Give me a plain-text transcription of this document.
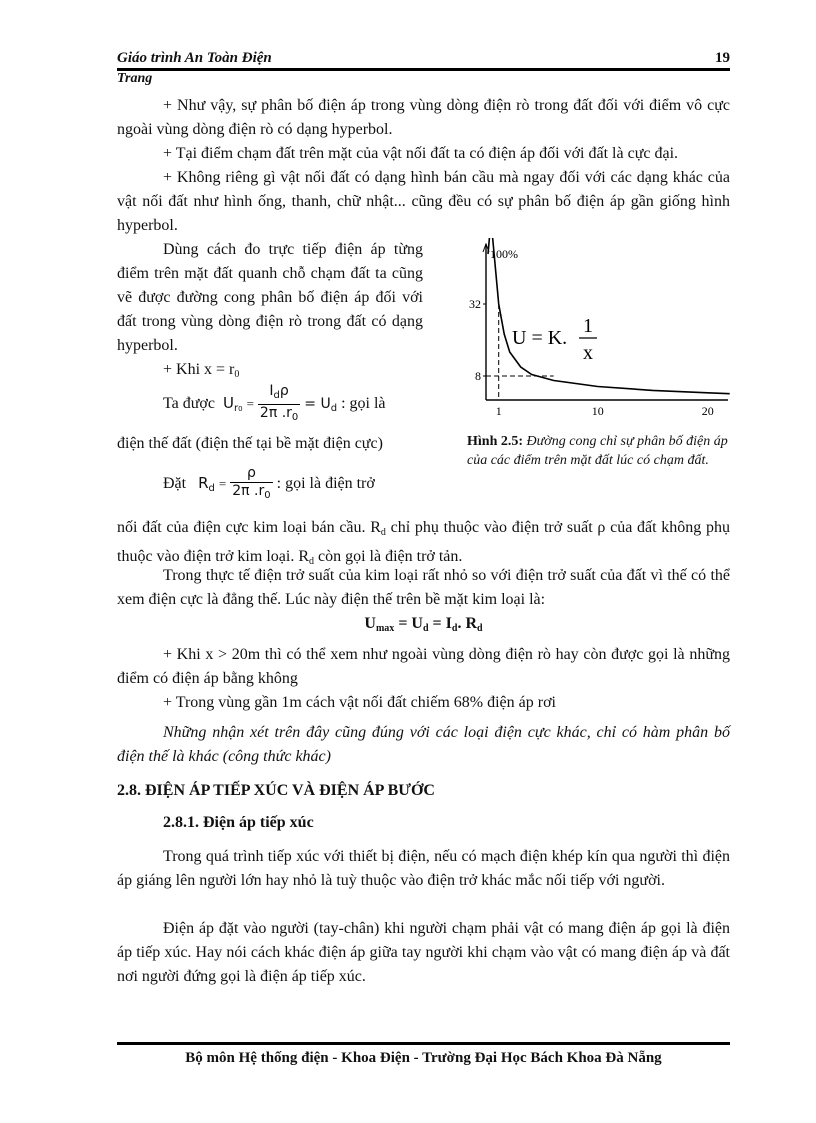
Giáo trình An Toàn Điện	19
Trang
+ Như vậy, sự phân bố điện áp trong vùng dòng điện rò trong đất đối với điểm vô cực ngoài vùng dòng điện rò có dạng hyperbol.
+ Tại điểm chạm đất trên mặt của vật nối đất ta có điện áp đối với đất là cực đại.
+ Không riêng gì vật nối đất có dạng hình bán cầu mà ngay đối với các dạng khác của vật nối đất như hình ống, thanh, chữ nhật... cũng đều có sự phân bố điện áp gần giống hình hyperbol.
Dùng cách đo trực tiếp điện áp từng điểm trên mặt đất quanh chỗ chạm đất ta cũng vẽ được đường cong phân bố điện áp đối với đất trong vùng dòng điện rò trong đất có dạng hyperbol.
+ Khi $x = r_0$
Ta được $U_{r0} = \frac{I_d\rho}{2\pi .r_0} = U_d$ : gọi là
điện thế đất (điện thế tại bề mặt điện cực)
Đặt $R_d = \frac{\rho}{2\pi .r_0}$ : gọi là điện trở
nối đất của điện cực kim loại bán cầu. $R_d$ chỉ phụ thuộc vào điện trở suất ρ của đất không phụ thuộc vào điện trở kim loại. $R_d$ còn gọi là điện trở tản.
Trong thực tế điện trở suất của kim loại rất nhỏ so với điện trở suất của đất vì thế có thể xem điện cực là đẳng thế. Lúc này điện thế trên bề mặt kim loại là:
$U_{max} = U_d = I_d$. $R_d$
+ Khi x > 20m thì có thể xem như ngoài vùng dòng điện rò hay còn được gọi là những điểm có điện áp bằng không
+ Trong vùng gần 1m cách vật nối đất chiếm 68% điện áp rơi
Những nhận xét trên đây cũng đúng với các loại điện cực khác, chỉ có hàm phân bố điện thế là khác (công thức khác)
2.8. ĐIỆN ÁP TIẾP XÚC VÀ ĐIỆN ÁP BƯỚC
2.8.1. Điện áp tiếp xúc
Trong quá trình tiếp xúc với thiết bị điện, nếu có mạch điện khép kín qua người thì điện áp giáng lên người lớn hay nhỏ là tuỳ thuộc vào điện trở khác mắc nối tiếp với người.
Điện áp đặt vào người (tay-chân) khi người chạm phải vật có mang điện áp gọi là điện áp tiếp xúc. Hay nói cách khác điện áp giữa tay người khi chạm vào vật có mang điện áp và đất nơi người đứng gọi là điện áp tiếp xúc.
100%
32
8
1	10	20
U = K.
1
x
Hình 2.5: Đường cong chỉ sự phân bố điện áp của các điểm trên mặt đất lúc có chạm đất.
Bộ môn Hệ thống điện - Khoa Điện - Trường Đại Học Bách Khoa Đà Nẵng
